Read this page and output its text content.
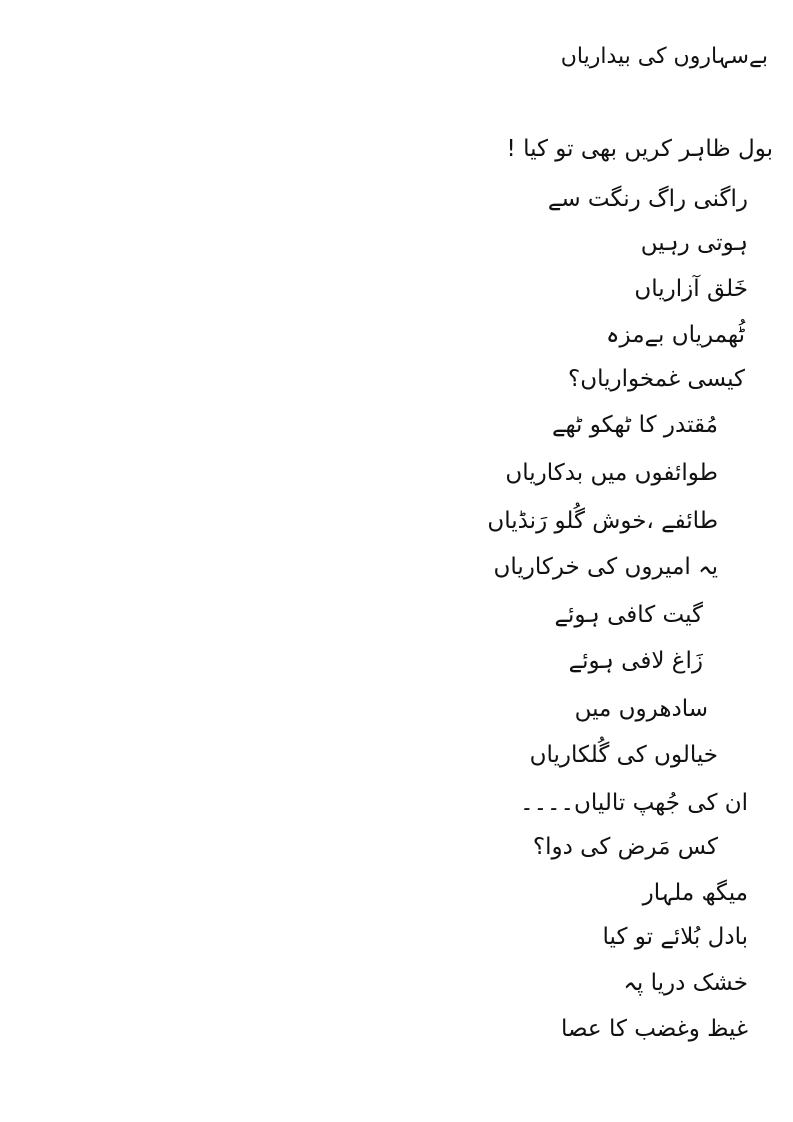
بےسہاروں کی بیداریاں
بول ظاہر کریں بھی تو کیا !
راگنی راگ رنگت سے
ہوتی رہیں
خَلق آزاریاں
ٹُھمریاں بےمزہ
کیسی غمخواریاں؟
مُقتدر کا ٹھکو ٹھے
طوائفوں میں بدکاریاں
طائفے ،خوش گُلو رَنڈیاں
یہ امیروں کی خرکاریاں
گیت کافی ہوئے
زَاغ لافی ہوئے
سادھروں میں
خیالوں کی گُلکاریاں
ان کی جُھپ تالیاں۔۔۔۔
کس مَرض کی دوا؟
میگھ ملہار
بادل بُلائے تو کیا
خشک دریا پہ
غیظ وغضب کا عصا
